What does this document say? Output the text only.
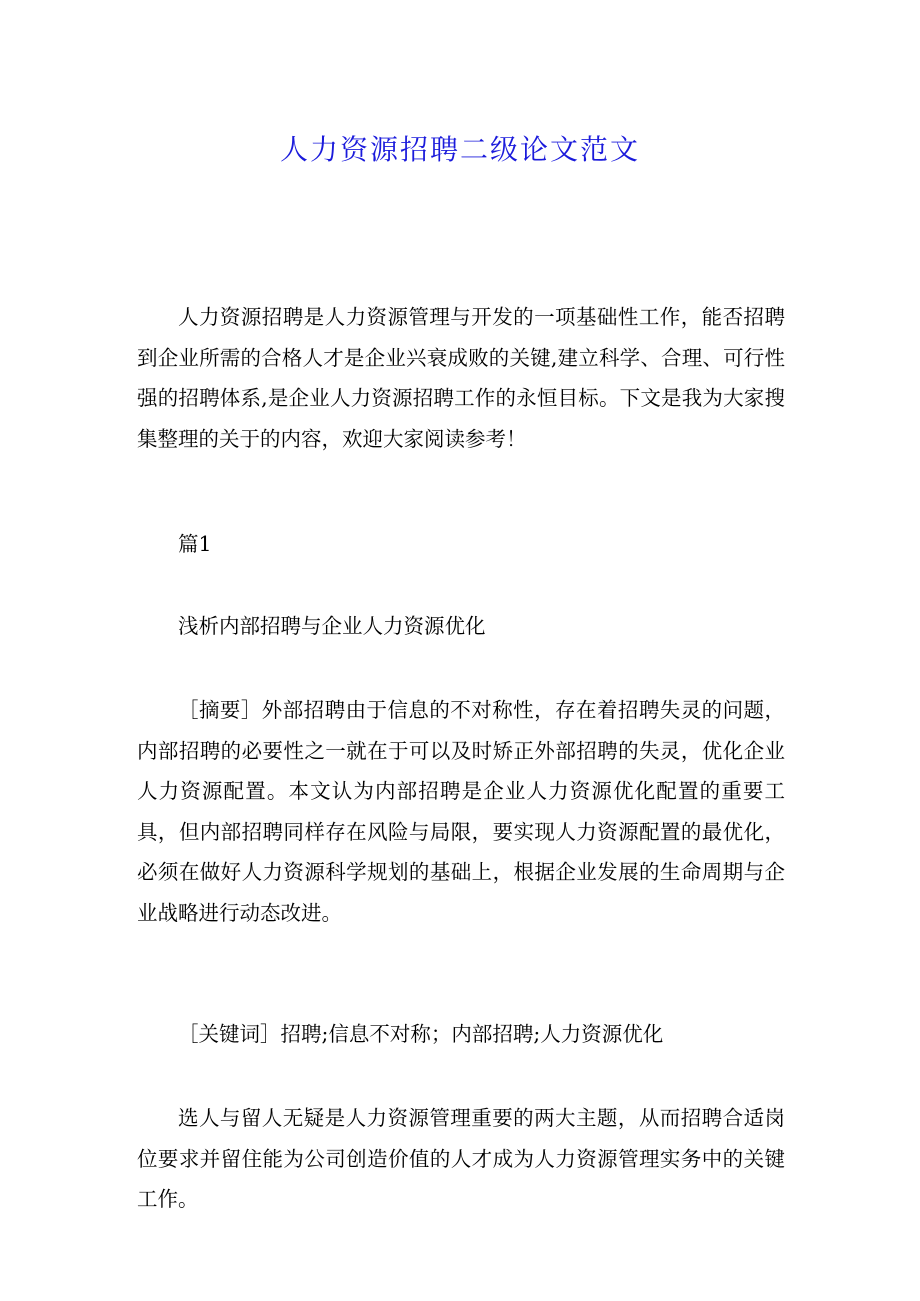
人力资源招聘二级论文范文

人力资源招聘是人力资源管理与开发的一项基础性工作，能否招聘到企业所需的合格人才是企业兴衰成败的关键,建立科学、合理、可行性强的招聘体系,是企业人力资源招聘工作的永恒目标。下文是我为大家搜集整理的关于的内容，欢迎大家阅读参考！

篇1

浅析内部招聘与企业人力资源优化

［摘要］外部招聘由于信息的不对称性，存在着招聘失灵的问题，内部招聘的必要性之一就在于可以及时矫正外部招聘的失灵，优化企业人力资源配置。本文认为内部招聘是企业人力资源优化配置的重要工具，但内部招聘同样存在风险与局限，要实现人力资源配置的最优化，必须在做好人力资源科学规划的基础上，根据企业发展的生命周期与企业战略进行动态改进。

［关键词］招聘;信息不对称；内部招聘;人力资源优化

选人与留人无疑是人力资源管理重要的两大主题，从而招聘合适岗位要求并留住能为公司创造价值的人才成为人力资源管理实务中的关键工作。
